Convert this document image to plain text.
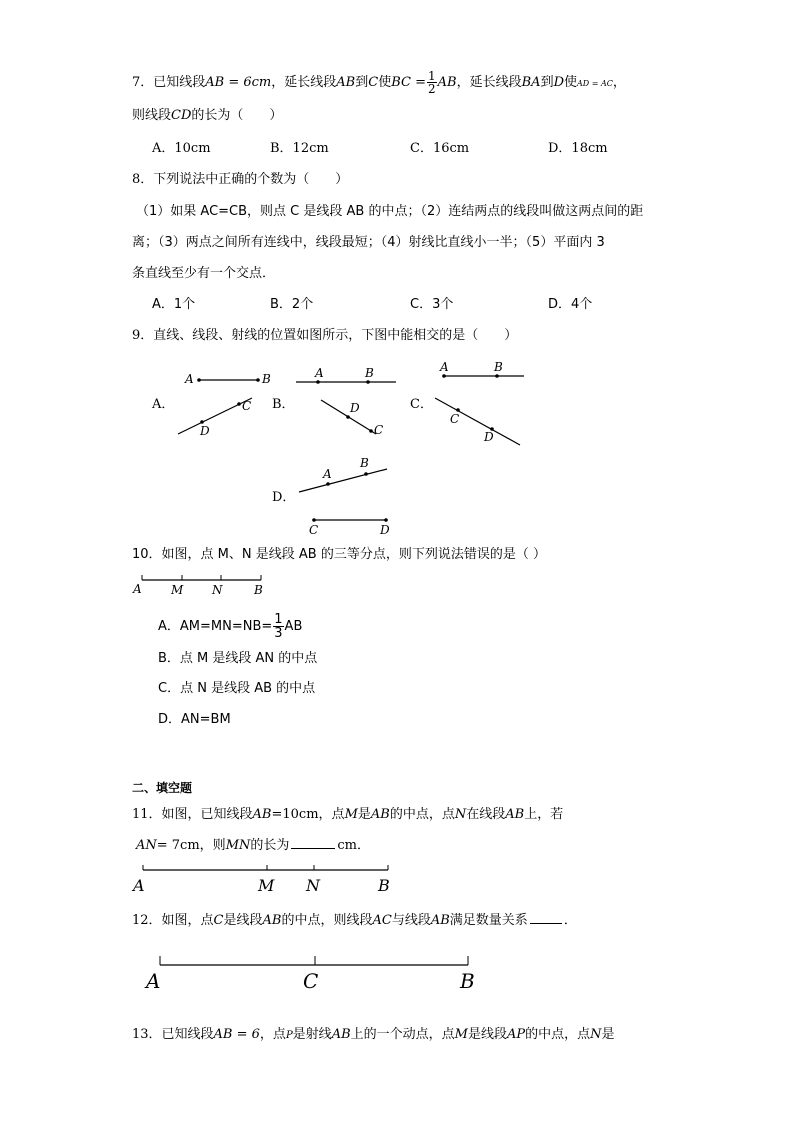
7．已知线段AB = 6cm，延长线段AB到C使BC = $\frac{1}{2}$ AB，延长线段BA到D使AD = AC，
则线段CD的长为（　　）
A．10cm	B．12cm	C．16cm	D．18cm
8．下列说法中正确的个数为（　　）
（1）如果 AC=CB，则点 C 是线段 AB 的中点；（2）连结两点的线段叫做这两点间的距
离；（3）两点之间所有连线中，线段最短；（4）射线比直线小一半；（5）平面内 3
条直线至少有一个交点．
A．1个	B．2个	C．3个	D．4个
9．直线、线段、射线的位置如图所示，下图中能相交的是（　　）
A．
A	B
C
D
B．
A	B
D
C
C．
A	B
C
D
D．
A
B
C	D
10．如图，点 M、N 是线段 AB 的三等分点，则下列说法错误的是（ ）
A M N	B
A．$AM=MN=NB= \frac{1}{3}$ AB
B．点 M 是线段 AN 的中点
C．点 N 是线段 AB 的中点
D．AN=BM
二、填空题
11．如图，已知线段AB=10cm，点M是AB的中点，点N在线段AB上，若
AN= 7cm，则MN的长为	cm．
A	M N	B
12．如图，点C是线段AB的中点，则线段AC与线段AB满足数量关系	．
A	C	B
13．已知线段AB = 6，点P是射线AB上的一个动点，点M是线段AP的中点，点N是
